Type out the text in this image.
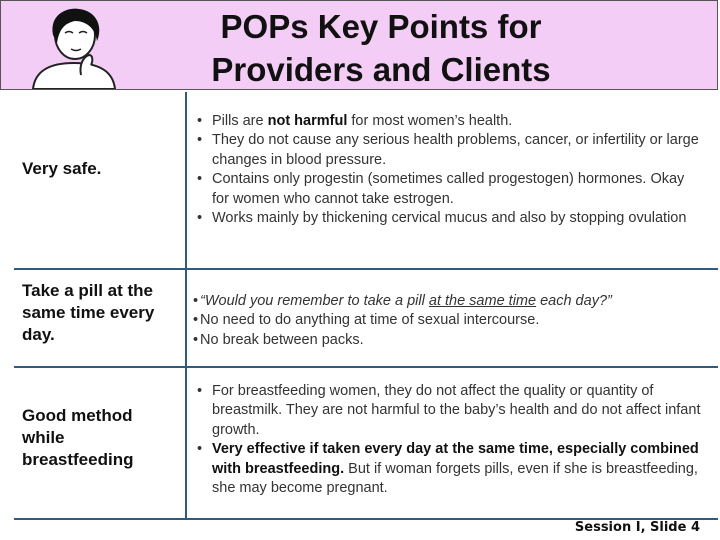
POPs Key Points for Providers and Clients
Very safe.
• Pills are not harmful for most women’s health.
• They do not cause any serious health problems, cancer, or infertility or large changes in blood pressure.
• Contains only progestin (sometimes called progestogen) hormones. Okay for women who cannot take estrogen.
• Works mainly by thickening cervical mucus and also by stopping ovulation
Take a pill at the same time every day.
• “Would you remember to take a pill at the same time each day?”
• No need to do anything at time of sexual intercourse.
• No break between packs.
Good method while breastfeeding
• For breastfeeding women, they do not affect the quality or quantity of breastmilk. They are not harmful to the baby’s health and do not affect infant growth.
• Very effective if taken every day at the same time, especially combined with breastfeeding. But if woman forgets pills, even if she is breastfeeding, she may become pregnant.
Session I, Slide 4
